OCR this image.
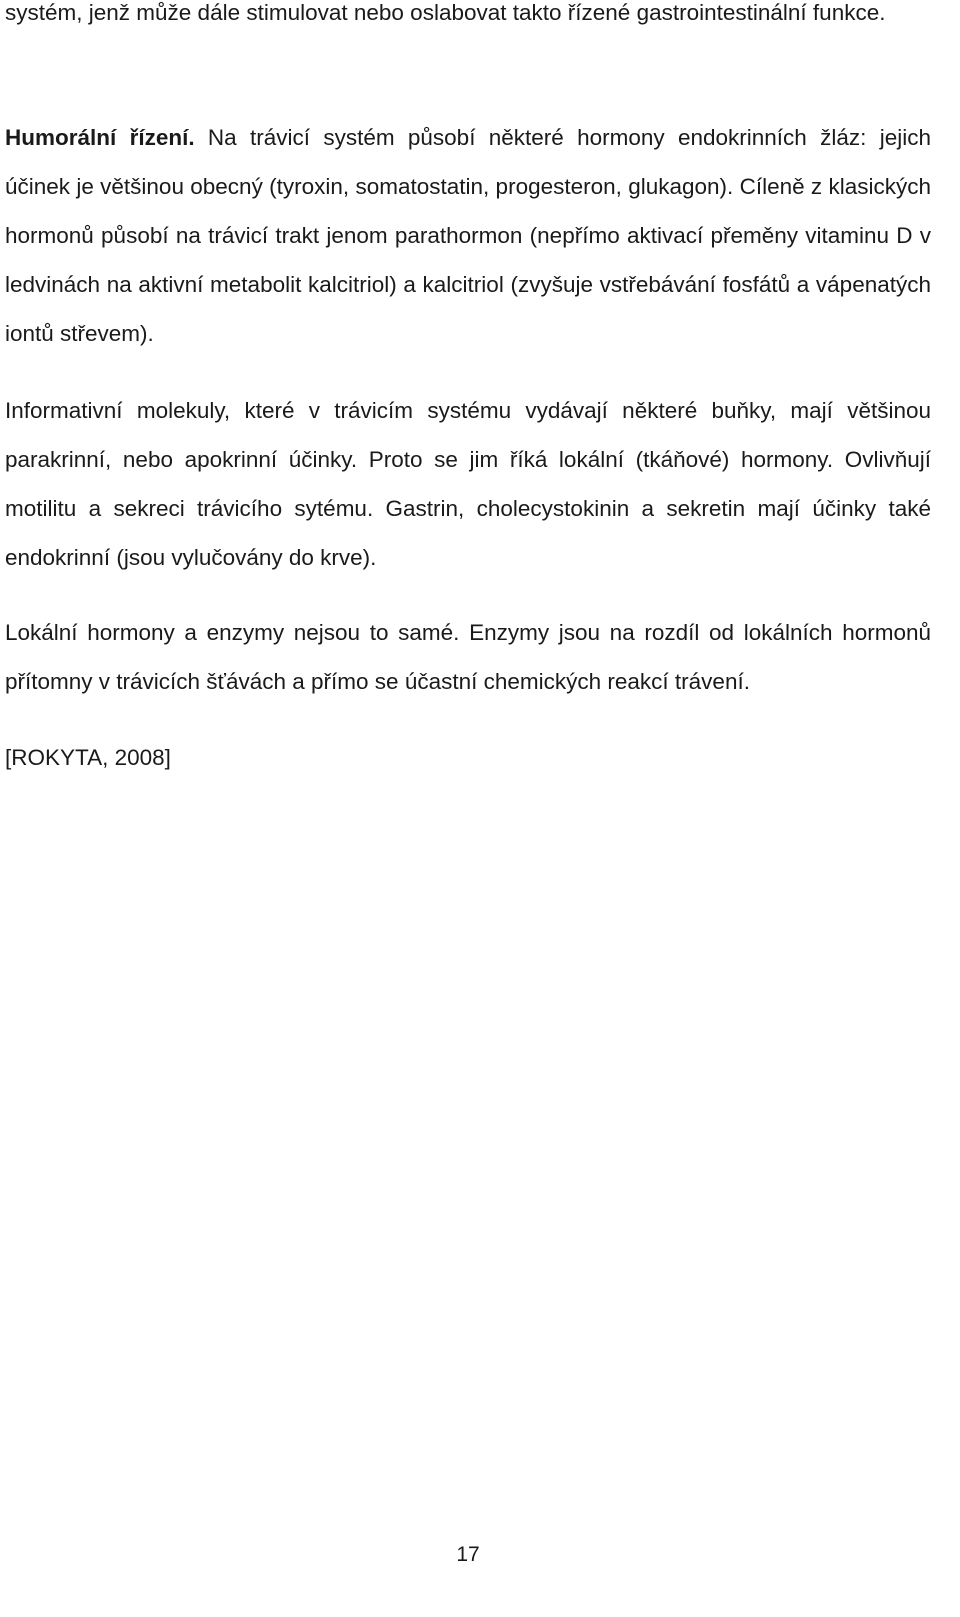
systém, jenž může dále stimulovat nebo oslabovat takto řízené gastrointestinální funkce.

Humorální řízení. Na trávicí systém působí některé hormony endokrinních žláz: jejich účinek je většinou obecný (tyroxin, somatostatin, progesteron, glukagon). Cíleně z klasických hormonů působí na trávicí trakt jenom parathormon (nepřímo aktivací přeměny vitaminu D v ledvinách na aktivní metabolit kalcitriol) a kalcitriol (zvyšuje vstřebávání fosfátů a vápenatých iontů střevem).

Informativní molekuly, které v trávicím systému vydávají některé buňky, mají většinou parakrinní, nebo apokrinní účinky. Proto se jim říká lokální (tkáňové) hormony. Ovlivňují motilitu a sekreci trávicího sytému. Gastrin, cholecystokinin a sekretin mají účinky také endokrinní (jsou vylučovány do krve).

Lokální hormony a enzymy nejsou to samé. Enzymy jsou na rozdíl od lokálních hormonů přítomny v trávicích šťávách a přímo se účastní chemických reakcí trávení.

[ROKYTA, 2008]

17
